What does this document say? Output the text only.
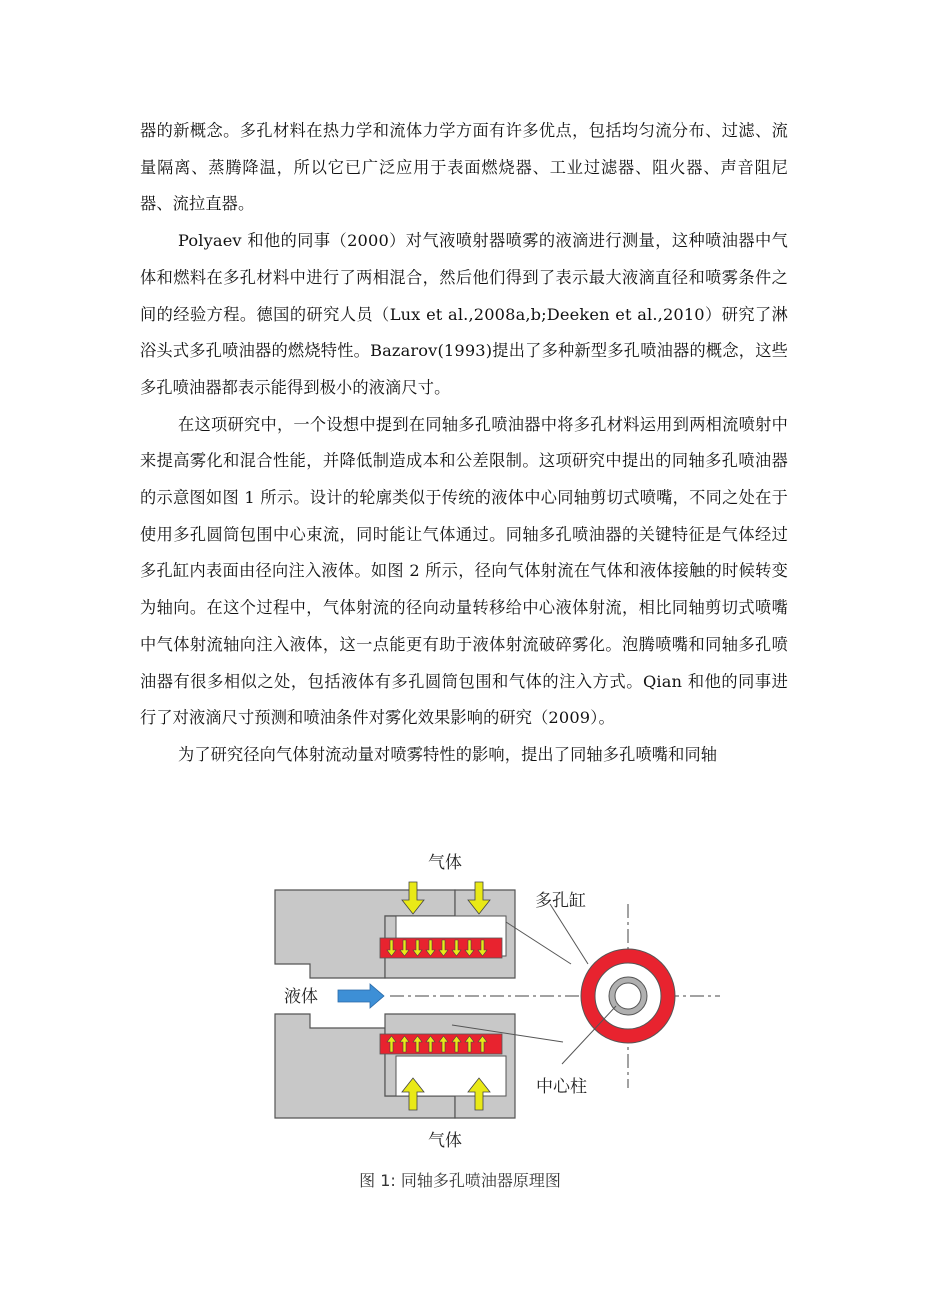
器的新概念。多孔材料在热力学和流体力学方面有许多优点，包括均匀流分布、过滤、流量隔离、蒸腾降温，所以它已广泛应用于表面燃烧器、工业过滤器、阻火器、声音阻尼器、流拉直器。

Polyaev 和他的同事（2000）对气液喷射器喷雾的液滴进行测量，这种喷油器中气体和燃料在多孔材料中进行了两相混合，然后他们得到了表示最大液滴直径和喷雾条件之间的经验方程。德国的研究人员（Lux et al.,2008a,b;Deeken et al.,2010）研究了淋浴头式多孔喷油器的燃烧特性。Bazarov(1993)提出了多种新型多孔喷油器的概念，这些多孔喷油器都表示能得到极小的液滴尺寸。

在这项研究中，一个设想中提到在同轴多孔喷油器中将多孔材料运用到两相流喷射中来提高雾化和混合性能，并降低制造成本和公差限制。这项研究中提出的同轴多孔喷油器的示意图如图 1 所示。设计的轮廓类似于传统的液体中心同轴剪切式喷嘴，不同之处在于使用多孔圆筒包围中心束流，同时能让气体通过。同轴多孔喷油器的关键特征是气体经过多孔缸内表面由径向注入液体。如图 2 所示，径向气体射流在气体和液体接触的时候转变为轴向。在这个过程中，气体射流的径向动量转移给中心液体射流，相比同轴剪切式喷嘴中气体射流轴向注入液体，这一点能更有助于液体射流破碎雾化。泡腾喷嘴和同轴多孔喷油器有很多相似之处，包括液体有多孔圆筒包围和气体的注入方式。Qian 和他的同事进行了对液滴尺寸预测和喷油条件对雾化效果影响的研究（2009）。

为了研究径向气体射流动量对喷雾特性的影响，提出了同轴多孔喷嘴和同轴

气体
气体
液体
多孔缸
中心柱
图 1: 同轴多孔喷油器原理图
